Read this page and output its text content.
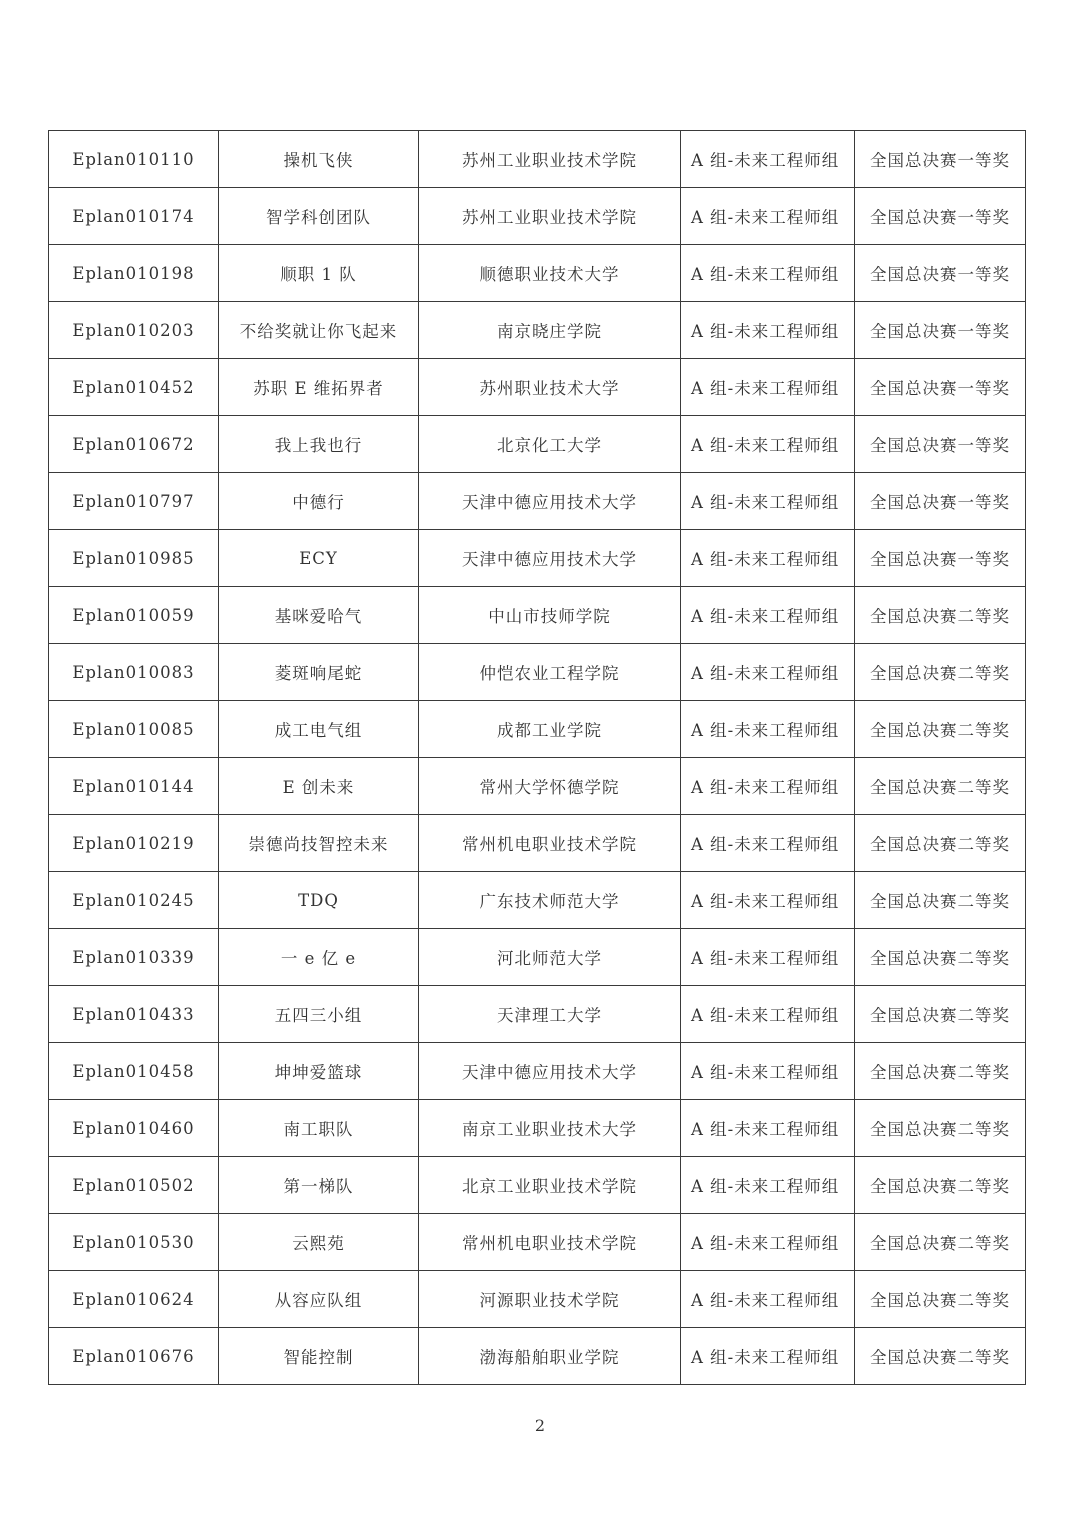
Eplan010110	操机飞侠	苏州工业职业技术学院	A 组-未来工程师组	全国总决赛一等奖
Eplan010174	智学科创团队	苏州工业职业技术学院	A 组-未来工程师组	全国总决赛一等奖
Eplan010198	顺职 1 队	顺德职业技术大学	A 组-未来工程师组	全国总决赛一等奖
Eplan010203	不给奖就让你飞起来	南京晓庄学院	A 组-未来工程师组	全国总决赛一等奖
Eplan010452	苏职 E 维拓界者	苏州职业技术大学	A 组-未来工程师组	全国总决赛一等奖
Eplan010672	我上我也行	北京化工大学	A 组-未来工程师组	全国总决赛一等奖
Eplan010797	中德行	天津中德应用技术大学	A 组-未来工程师组	全国总决赛一等奖
Eplan010985	ECY	天津中德应用技术大学	A 组-未来工程师组	全国总决赛一等奖
Eplan010059	基咪爱哈气	中山市技师学院	A 组-未来工程师组	全国总决赛二等奖
Eplan010083	菱斑响尾蛇	仲恺农业工程学院	A 组-未来工程师组	全国总决赛二等奖
Eplan010085	成工电气组	成都工业学院	A 组-未来工程师组	全国总决赛二等奖
Eplan010144	E 创未来	常州大学怀德学院	A 组-未来工程师组	全国总决赛二等奖
Eplan010219	崇德尚技智控未来	常州机电职业技术学院	A 组-未来工程师组	全国总决赛二等奖
Eplan010245	TDQ	广东技术师范大学	A 组-未来工程师组	全国总决赛二等奖
Eplan010339	一 e 亿 e	河北师范大学	A 组-未来工程师组	全国总决赛二等奖
Eplan010433	五四三小组	天津理工大学	A 组-未来工程师组	全国总决赛二等奖
Eplan010458	坤坤爱篮球	天津中德应用技术大学	A 组-未来工程师组	全国总决赛二等奖
Eplan010460	南工职队	南京工业职业技术大学	A 组-未来工程师组	全国总决赛二等奖
Eplan010502	第一梯队	北京工业职业技术学院	A 组-未来工程师组	全国总决赛二等奖
Eplan010530	云熙苑	常州机电职业技术学院	A 组-未来工程师组	全国总决赛二等奖
Eplan010624	从容应队组	河源职业技术学院	A 组-未来工程师组	全国总决赛二等奖
Eplan010676	智能控制	渤海船舶职业学院	A 组-未来工程师组	全国总决赛二等奖
2
